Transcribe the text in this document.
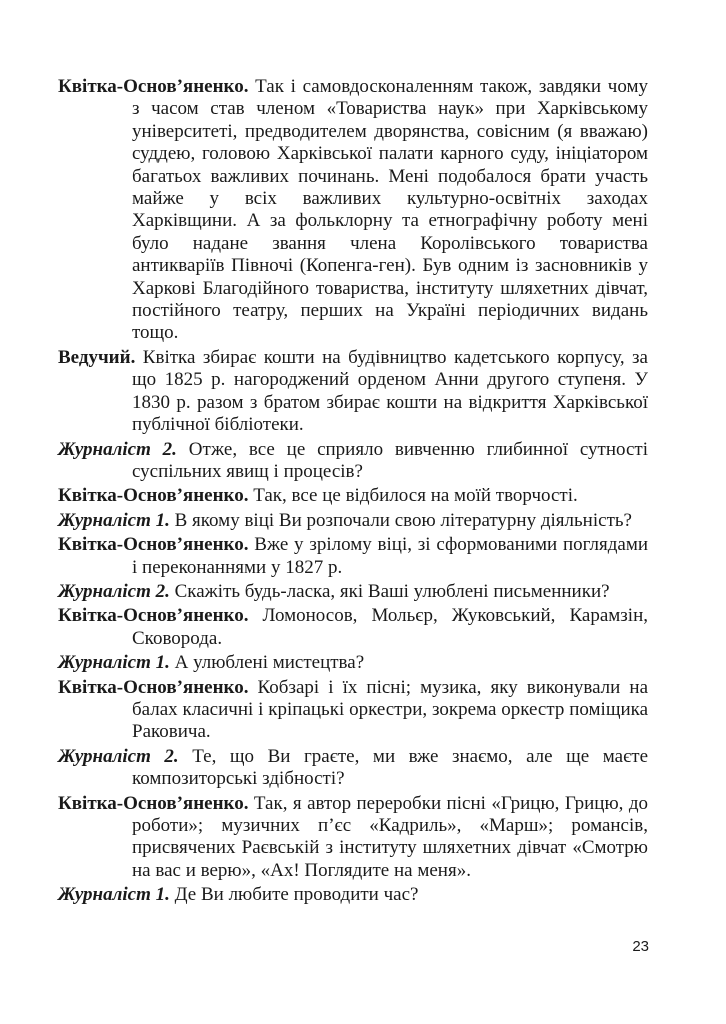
Квітка-Основ’яненко. Так і самовдосконаленням також, завдяки чому з часом став членом «Товариства наук» при Харківському університеті, предводителем дворянства, совісним (я вважаю) суддею, головою Харківської палати карного суду, ініціатором багатьох важливих починань. Мені подобалося брати участь майже у всіх важливих культурно-освітніх заходах Харківщини. А за фольклорну та етнографічну роботу мені було надане звання члена Королівського товариства антикваріїв Півночі (Копенга-ген). Був одним із засновників у Харкові Благодійного товариства, інституту шляхетних дівчат, постійного театру, перших на Україні періодичних видань тощо.

Ведучий. Квітка збирає кошти на будівництво кадетського корпусу, за що 1825 р. нагороджений орденом Анни другого ступеня. У 1830 р. разом з братом збирає кошти на відкриття Харківської публічної бібліотеки.

Журналіст 2. Отже, все це сприяло вивченню глибинної сутності суспільних явищ і процесів?

Квітка-Основ’яненко. Так, все це відбилося на моїй творчості.

Журналіст 1. В якому віці Ви розпочали свою літературну діяльність?

Квітка-Основ’яненко. Вже у зрілому віці, зі сформованими поглядами і переконаннями у 1827 р.

Журналіст 2. Скажіть будь-ласка, які Ваші улюблені письменники?

Квітка-Основ’яненко. Ломоносов, Мольєр, Жуковський, Карамзін, Сковорода.

Журналіст 1. А улюблені мистецтва?

Квітка-Основ’яненко. Кобзарі і їх пісні; музика, яку виконували на балах класичні і кріпацькі оркестри, зокрема оркестр поміщика Раковича.

Журналіст 2. Те, що Ви граєте, ми вже знаємо, але ще маєте композиторські здібності?

Квітка-Основ’яненко. Так, я автор переробки пісні «Грицю, Грицю, до роботи»; музичних п’єс «Кадриль», «Марш»; романсів, присвячених Раєвській з інституту шляхетних дівчат «Смотрю на вас и верю», «Ах! Поглядите на меня».

Журналіст 1. Де Ви любите проводити час?

23
